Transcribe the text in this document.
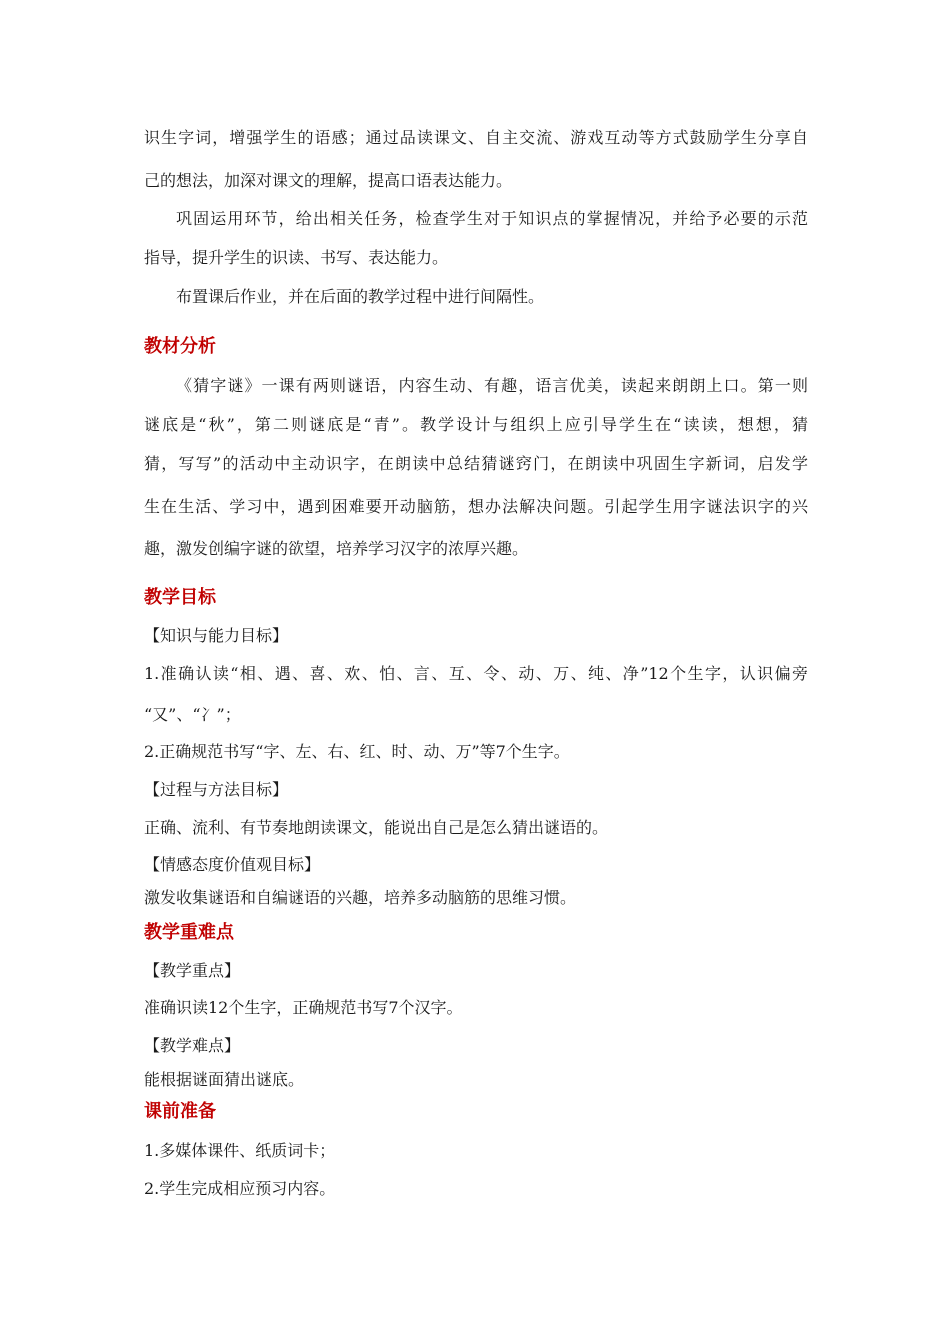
识生字词，增强学生的语感；通过品读课文、自主交流、游戏互动等方式鼓励学生分享自
己的想法，加深对课文的理解，提高口语表达能力。
巩固运用环节，给出相关任务，检查学生对于知识点的掌握情况，并给予必要的示范
指导，提升学生的识读、书写、表达能力。
布置课后作业，并在后面的教学过程中进行间隔性。
教材分析
《猜字谜》一课有两则谜语，内容生动、有趣，语言优美，读起来朗朗上口。第一则
谜底是“秋”，第二则谜底是“青”。教学设计与组织上应引导学生在“读读，想想，猜
猜，写写”的活动中主动识字，在朗读中总结猜谜窍门，在朗读中巩固生字新词，启发学
生在生活、学习中，遇到困难要开动脑筋，想办法解决问题。引起学生用字谜法识字的兴
趣，激发创编字谜的欲望，培养学习汉字的浓厚兴趣。
教学目标
【知识与能力目标】
1.准确认读“相、遇、喜、欢、怕、言、互、令、动、万、纯、净”12个生字，认识偏旁
“又”、“冫”；
2.正确规范书写“字、左、右、红、时、动、万”等7个生字。
【过程与方法目标】
正确、流利、有节奏地朗读课文，能说出自己是怎么猜出谜语的。
【情感态度价值观目标】
激发收集谜语和自编谜语的兴趣，培养多动脑筋的思维习惯。
教学重难点
【教学重点】
准确识读12个生字，正确规范书写7个汉字。
【教学难点】
能根据谜面猜出谜底。
课前准备
1.多媒体课件、纸质词卡；
2.学生完成相应预习内容。
